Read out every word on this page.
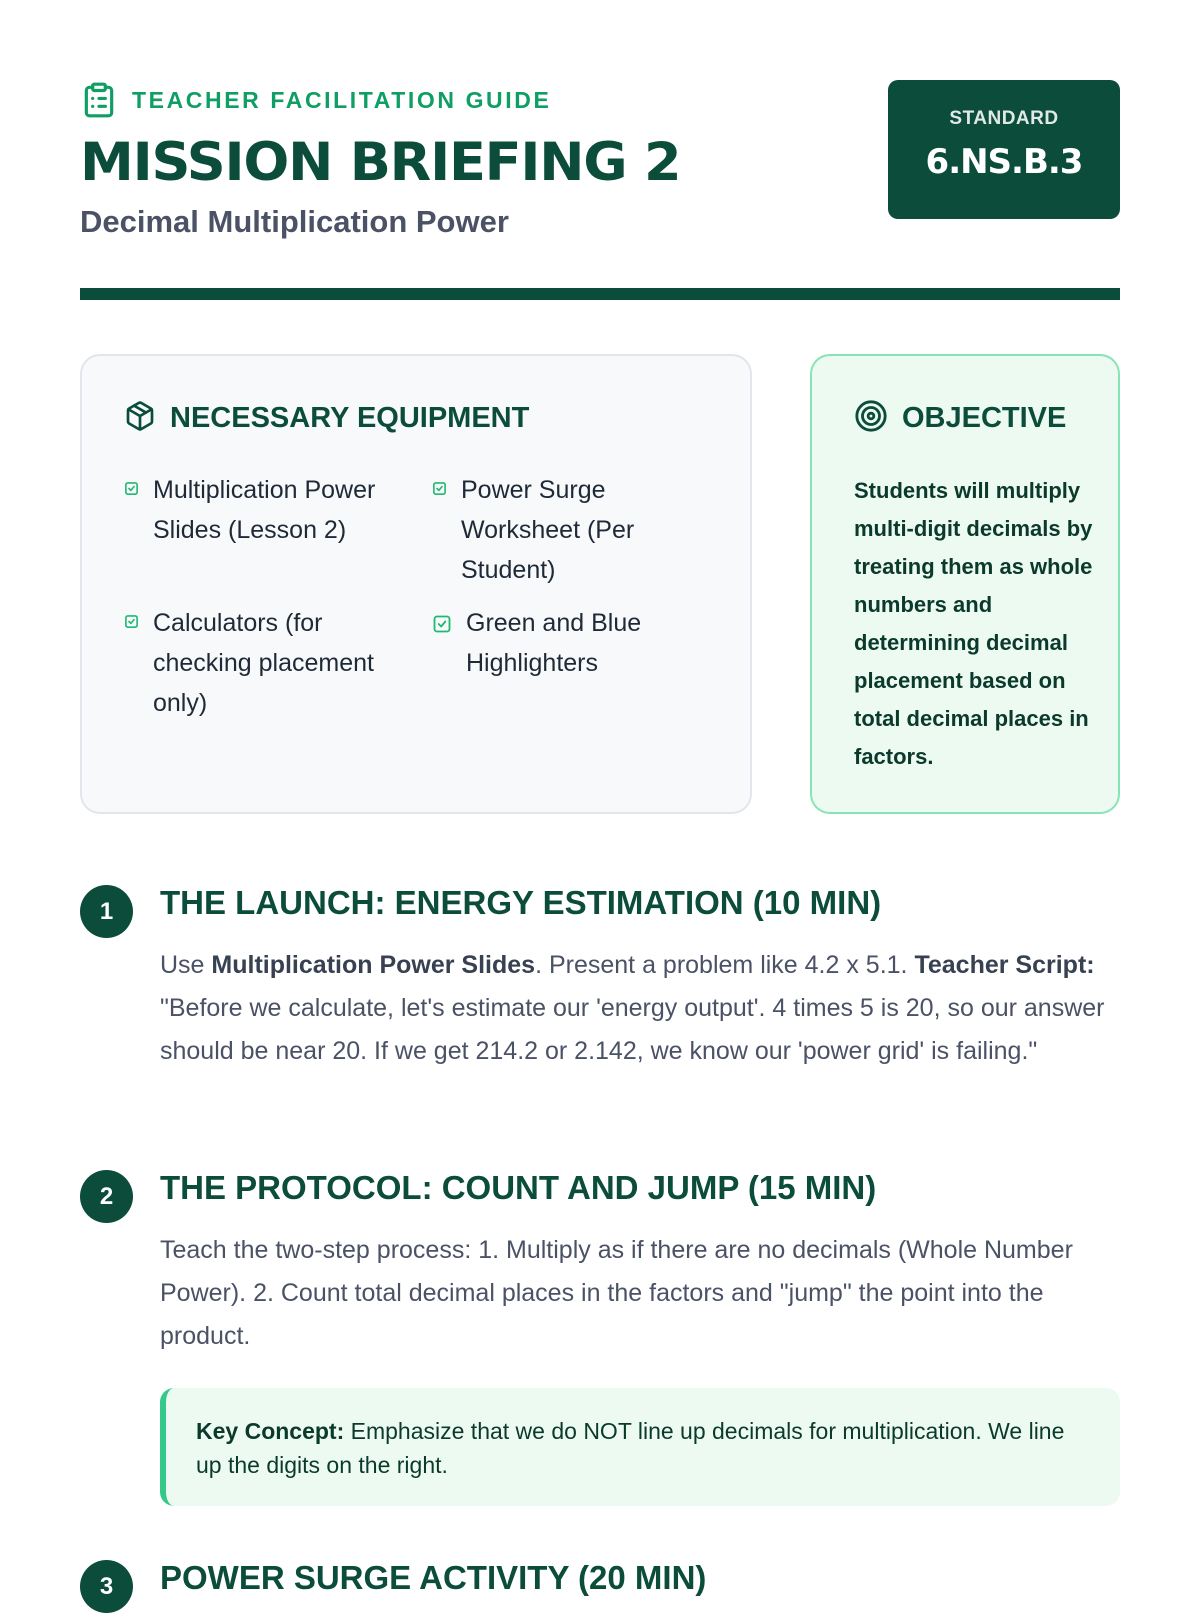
TEACHER FACILITATION GUIDE
MISSION BRIEFING 2
Decimal Multiplication Power
STANDARD
6.NS.B.3
NECESSARY EQUIPMENT
Multiplication Power Slides (Lesson 2)
Power Surge Worksheet (Per Student)
Calculators (for checking placement only)
Green and Blue Highlighters
OBJECTIVE
Students will multiply multi-digit decimals by treating them as whole numbers and determining decimal placement based on total decimal places in factors.
1	THE LAUNCH: ENERGY ESTIMATION (10 MIN)
Use Multiplication Power Slides. Present a problem like 4.2 x 5.1. Teacher Script: "Before we calculate, let's estimate our 'energy output'. 4 times 5 is 20, so our answer should be near 20. If we get 214.2 or 2.142, we know our 'power grid' is failing."
2	THE PROTOCOL: COUNT AND JUMP (15 MIN)
Teach the two-step process: 1. Multiply as if there are no decimals (Whole Number Power). 2. Count total decimal places in the factors and "jump" the point into the product.
Key Concept: Emphasize that we do NOT line up decimals for multiplication. We line up the digits on the right.
3	POWER SURGE ACTIVITY (20 MIN)
